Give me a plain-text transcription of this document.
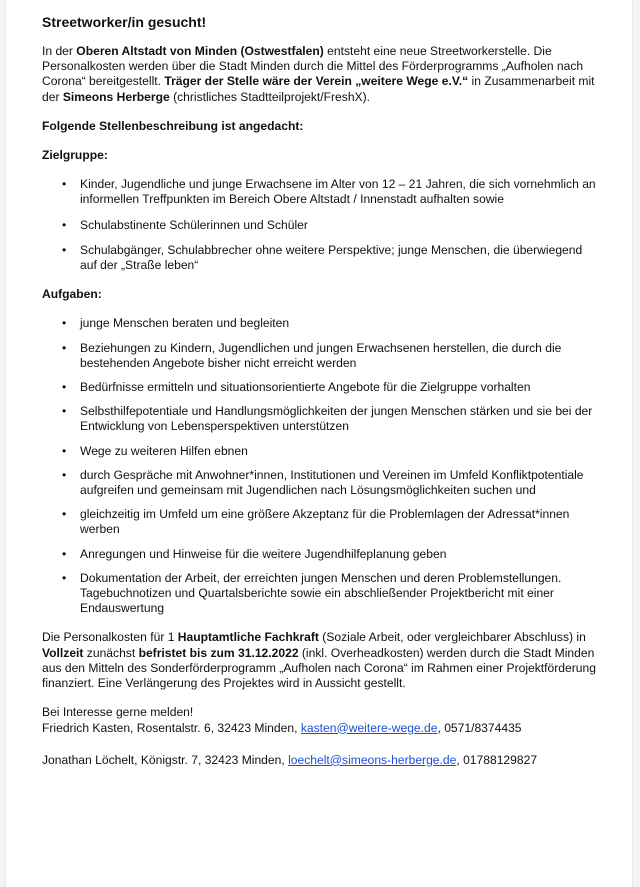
Streetworker/in gesucht!

In der Oberen Altstadt von Minden (Ostwestfalen) entsteht eine neue Streetworkerstelle. Die Personalkosten werden über die Stadt Minden durch die Mittel des Förderprogramms „Aufholen nach Corona“ bereitgestellt. Träger der Stelle wäre der Verein „weitere Wege e.V.“ in Zusammenarbeit mit der Simeons Herberge (christliches Stadtteilprojekt/FreshX).

Folgende Stellenbeschreibung ist angedacht:

Zielgruppe:

• Kinder, Jugendliche und junge Erwachsene im Alter von 12 – 21 Jahren, die sich vornehmlich an informellen Treffpunkten im Bereich Obere Altstadt / Innenstadt aufhalten sowie
• Schulabstinente Schülerinnen und Schüler
• Schulabgänger, Schulabbrecher ohne weitere Perspektive; junge Menschen, die überwiegend auf der „Straße leben“

Aufgaben:

• junge Menschen beraten und begleiten
• Beziehungen zu Kindern, Jugendlichen und jungen Erwachsenen herstellen, die durch die bestehenden Angebote bisher nicht erreicht werden
• Bedürfnisse ermitteln und situationsorientierte Angebote für die Zielgruppe vorhalten
• Selbsthilfepotentiale und Handlungsmöglichkeiten der jungen Menschen stärken und sie bei der Entwicklung von Lebensperspektiven unterstützen
• Wege zu weiteren Hilfen ebnen
• durch Gespräche mit Anwohner*innen, Institutionen und Vereinen im Umfeld Konfliktpotentiale aufgreifen und gemeinsam mit Jugendlichen nach Lösungsmöglichkeiten suchen und
• gleichzeitig im Umfeld um eine größere Akzeptanz für die Problemlagen der Adressat*innen werben
• Anregungen und Hinweise für die weitere Jugendhilfeplanung geben
• Dokumentation der Arbeit, der erreichten jungen Menschen und deren Problemstellungen. Tagebuchnotizen und Quartalsberichte sowie ein abschließender Projektbericht mit einer Endauswertung

Die Personalkosten für 1 Hauptamtliche Fachkraft (Soziale Arbeit, oder vergleichbarer Abschluss) in Vollzeit zunächst befristet bis zum 31.12.2022 (inkl. Overheadkosten) werden durch die Stadt Minden aus den Mitteln des Sonderförderprogramm „Aufholen nach Corona“ im Rahmen einer Projektförderung finanziert. Eine Verlängerung des Projektes wird in Aussicht gestellt.

Bei Interesse gerne melden!

Friedrich Kasten, Rosentalstr. 6, 32423 Minden, kasten@weitere-wege.de, 0571/8374435

Jonathan Löchelt, Königstr. 7, 32423 Minden, loechelt@simeons-herberge.de, 01788129827
